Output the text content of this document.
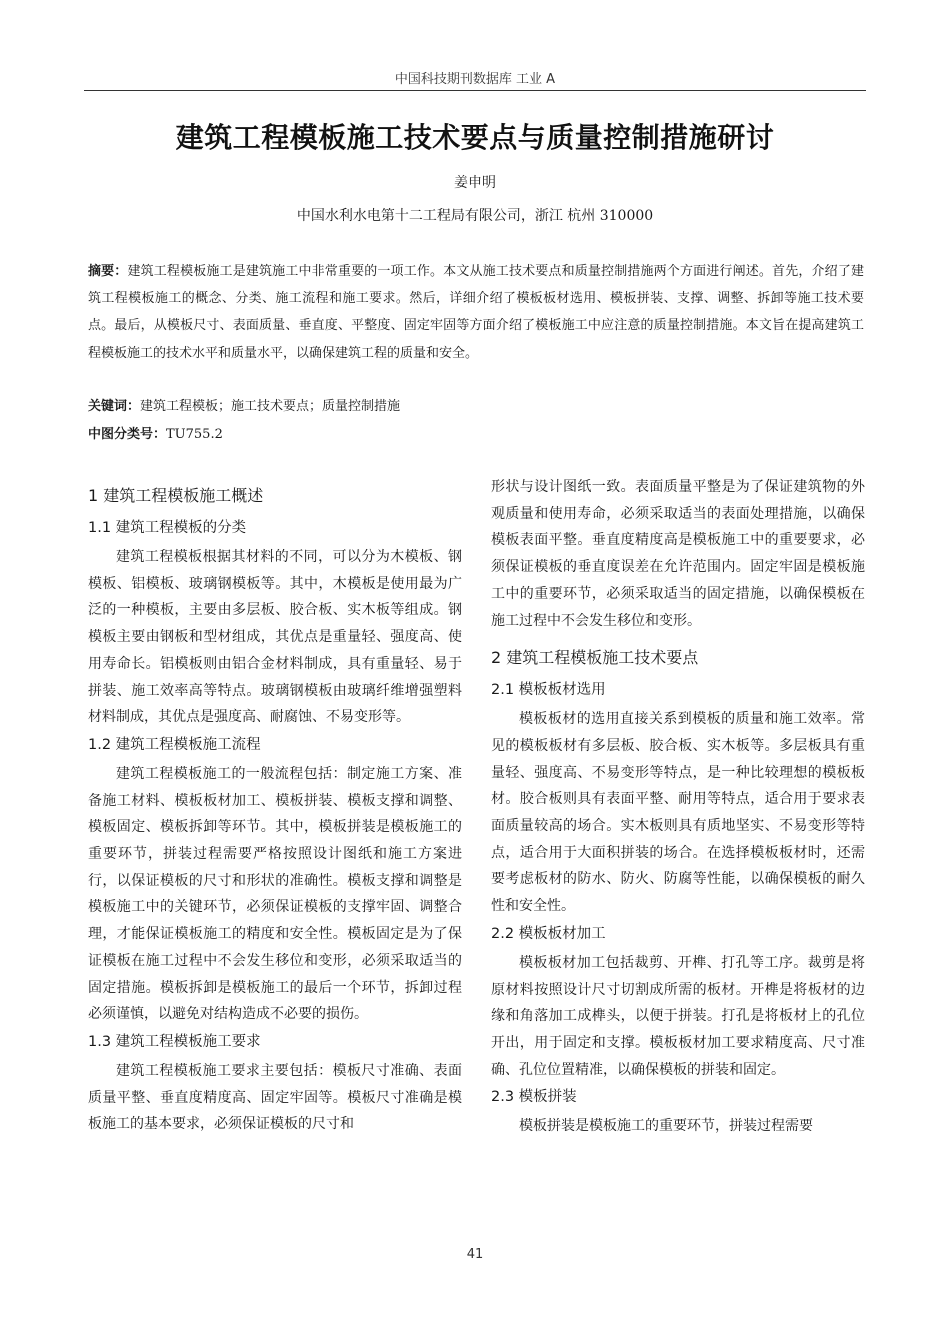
中国科技期刊数据库 工业 A
建筑工程模板施工技术要点与质量控制措施研讨
姜申明
中国水利水电第十二工程局有限公司，浙江 杭州 310000
摘要：建筑工程模板施工是建筑施工中非常重要的一项工作。本文从施工技术要点和质量控制措施两个方面进行阐述。首先，介绍了建筑工程模板施工的概念、分类、施工流程和施工要求。然后，详细介绍了模板板材选用、模板拼装、支撑、调整、拆卸等施工技术要点。最后，从模板尺寸、表面质量、垂直度、平整度、固定牢固等方面介绍了模板施工中应注意的质量控制措施。本文旨在提高建筑工程模板施工的技术水平和质量水平，以确保建筑工程的质量和安全。
关键词：建筑工程模板；施工技术要点；质量控制措施
中图分类号：TU755.2
1 建筑工程模板施工概述
1.1 建筑工程模板的分类

建筑工程模板根据其材料的不同，可以分为木模板、钢模板、铝模板、玻璃钢模板等。其中，木模板是使用最为广泛的一种模板，主要由多层板、胶合板、实木板等组成。钢模板主要由钢板和型材组成，其优点是重量轻、强度高、使用寿命长。铝模板则由铝合金材料制成，具有重量轻、易于拼装、施工效率高等特点。玻璃钢模板由玻璃纤维增强塑料材料制成，其优点是强度高、耐腐蚀、不易变形等。

1.2 建筑工程模板施工流程

建筑工程模板施工的一般流程包括：制定施工方案、准备施工材料、模板板材加工、模板拼装、模板支撑和调整、模板固定、模板拆卸等环节。其中，模板拼装是模板施工的重要环节，拼装过程需要严格按照设计图纸和施工方案进行，以保证模板的尺寸和形状的准确性。模板支撑和调整是模板施工中的关键环节，必须保证模板的支撑牢固、调整合理，才能保证模板施工的精度和安全性。模板固定是为了保证模板在施工过程中不会发生移位和变形，必须采取适当的固定措施。模板拆卸是模板施工的最后一个环节，拆卸过程必须谨慎，以避免对结构造成不必要的损伤。

1.3 建筑工程模板施工要求

建筑工程模板施工要求主要包括：模板尺寸准确、表面质量平整、垂直度精度高、固定牢固等。模板尺寸准确是模板施工的基本要求，必须保证模板的尺寸和

形状与设计图纸一致。表面质量平整是为了保证建筑物的外观质量和使用寿命，必须采取适当的表面处理措施，以确保模板表面平整。垂直度精度高是模板施工中的重要要求，必须保证模板的垂直度误差在允许范围内。固定牢固是模板施工中的重要环节，必须采取适当的固定措施，以确保模板在施工过程中不会发生移位和变形。

2 建筑工程模板施工技术要点
2.1 模板板材选用

模板板材的选用直接关系到模板的质量和施工效率。常见的模板板材有多层板、胶合板、实木板等。多层板具有重量轻、强度高、不易变形等特点，是一种比较理想的模板板材。胶合板则具有表面平整、耐用等特点，适合用于要求表面质量较高的场合。实木板则具有质地坚实、不易变形等特点，适合用于大面积拼装的场合。在选择模板板材时，还需要考虑板材的防水、防火、防腐等性能，以确保模板的耐久性和安全性。

2.2 模板板材加工

模板板材加工包括裁剪、开榫、打孔等工序。裁剪是将原材料按照设计尺寸切割成所需的板材。开榫是将板材的边缘和角落加工成榫头，以便于拼装。打孔是将板材上的孔位开出，用于固定和支撑。模板板材加工要求精度高、尺寸准确、孔位位置精准，以确保模板的拼装和固定。

2.3 模板拼装

模板拼装是模板施工的重要环节，拼装过程需要

41
